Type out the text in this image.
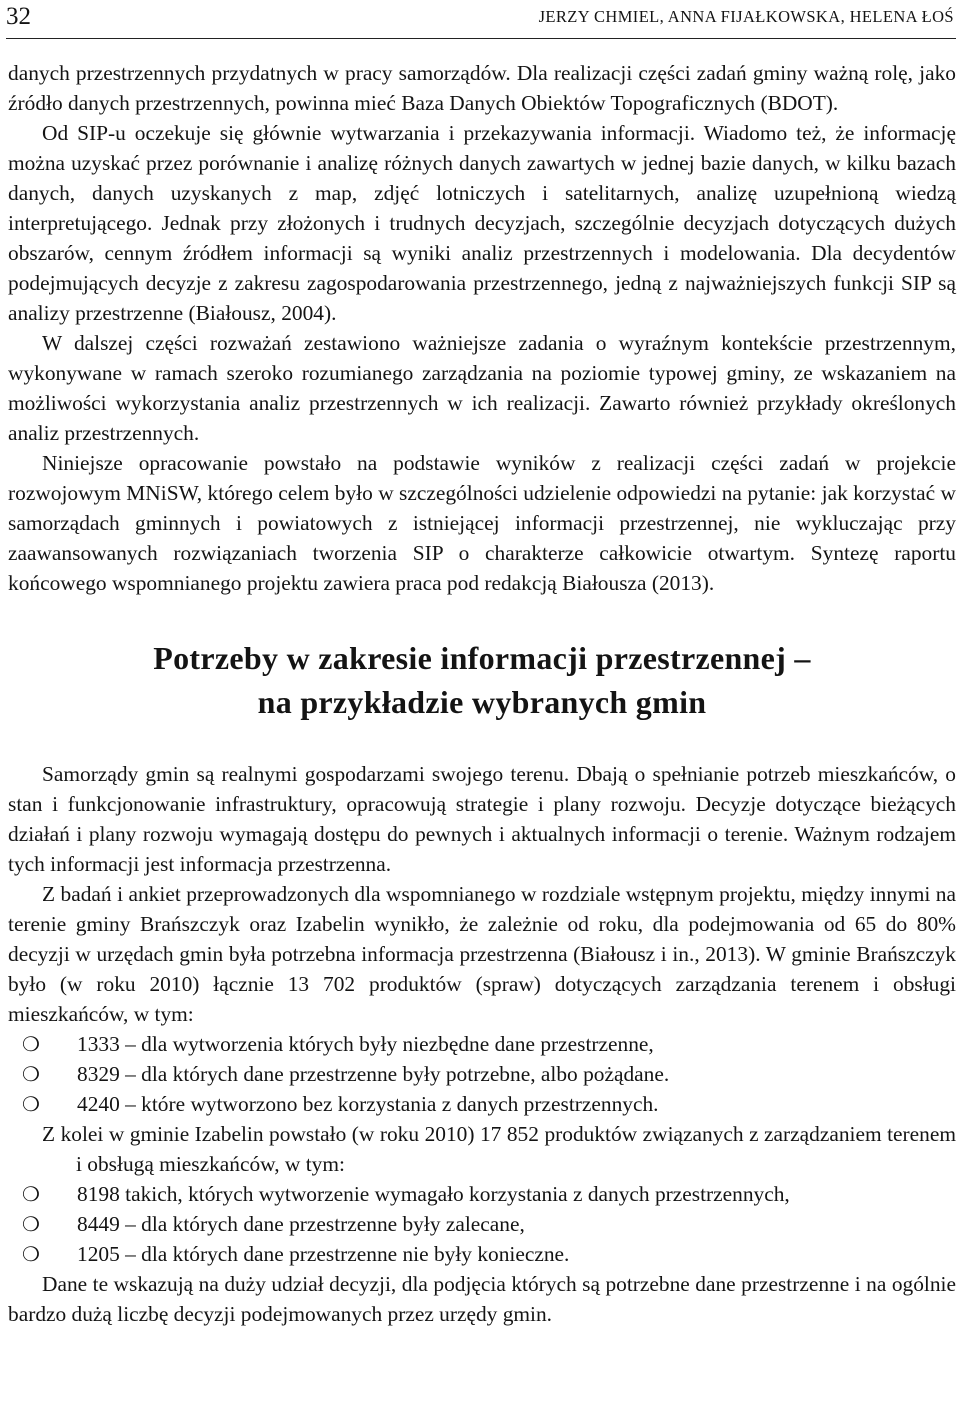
32	JERZY CHMIEL, ANNA FIJAŁKOWSKA, HELENA ŁOŚ

danych przestrzennych przydatnych w pracy samorządów. Dla realizacji części zadań gminy ważną rolę, jako źródło danych przestrzennych, powinna mieć Baza Danych Obiektów Topograficznych (BDOT).

Od SIP-u oczekuje się głównie wytwarzania i przekazywania informacji. Wiadomo też, że informację można uzyskać przez porównanie i analizę różnych danych zawartych w jednej bazie danych, w kilku bazach danych, danych uzyskanych z map, zdjęć lotniczych i satelitarnych, analizę uzupełnioną wiedzą interpretującego. Jednak przy złożonych i trudnych decyzjach, szczególnie decyzjach dotyczących dużych obszarów, cennym źródłem informacji są wyniki analiz przestrzennych i modelowania. Dla decydentów podejmujących decyzje z zakresu zagospodarowania przestrzennego, jedną z najważniejszych funkcji SIP są analizy przestrzenne (Białousz, 2004).

W dalszej części rozważań zestawiono ważniejsze zadania o wyraźnym kontekście przestrzennym, wykonywane w ramach szeroko rozumianego zarządzania na poziomie typowej gminy, ze wskazaniem na możliwości wykorzystania analiz przestrzennych w ich realizacji. Zawarto również przykłady określonych analiz przestrzennych.

Niniejsze opracowanie powstało na podstawie wyników z realizacji części zadań w projekcie rozwojowym MNiSW, którego celem było w szczególności udzielenie odpowiedzi na pytanie: jak korzystać w samorządach gminnych i powiatowych z istniejącej informacji przestrzennej, nie wykluczając przy zaawansowanych rozwiązaniach tworzenia SIP o charakterze całkowicie otwartym. Syntezę raportu końcowego wspomnianego projektu zawiera praca pod redakcją Białousza (2013).

Potrzeby w zakresie informacji przestrzennej –
na przykładzie wybranych gmin

Samorządy gmin są realnymi gospodarzami swojego terenu. Dbają o spełnianie potrzeb mieszkańców, o stan i funkcjonowanie infrastruktury, opracowują strategie i plany rozwoju. Decyzje dotyczące bieżących działań i plany rozwoju wymagają dostępu do pewnych i aktualnych informacji o terenie. Ważnym rodzajem tych informacji jest informacja przestrzenna.

Z badań i ankiet przeprowadzonych dla wspomnianego w rozdziale wstępnym projektu, między innymi na terenie gminy Brańszczyk oraz Izabelin wynikło, że zależnie od roku, dla podejmowania od 65 do 80% decyzji w urzędach gmin była potrzebna informacja przestrzenna (Białousz i in., 2013). W gminie Brańszczyk było (w roku 2010) łącznie 13 702 produktów (spraw) dotyczących zarządzania terenem i obsługi mieszkańców, w tym:

❍ 1333 – dla wytworzenia których były niezbędne dane przestrzenne,
❍ 8329 – dla których dane przestrzenne były potrzebne, albo pożądane.
❍ 4240 – które wytworzono bez korzystania z danych przestrzennych.

Z kolei w gminie Izabelin powstało (w roku 2010) 17 852 produktów związanych z zarządzaniem terenem i obsługą mieszkańców, w tym:

❍ 8198 takich, których wytworzenie wymagało korzystania z danych przestrzennych,
❍ 8449 – dla których dane przestrzenne były zalecane,
❍ 1205 – dla których dane przestrzenne nie były konieczne.

Dane te wskazują na duży udział decyzji, dla podjęcia których są potrzebne dane przestrzenne i na ogólnie bardzo dużą liczbę decyzji podejmowanych przez urzędy gmin.
